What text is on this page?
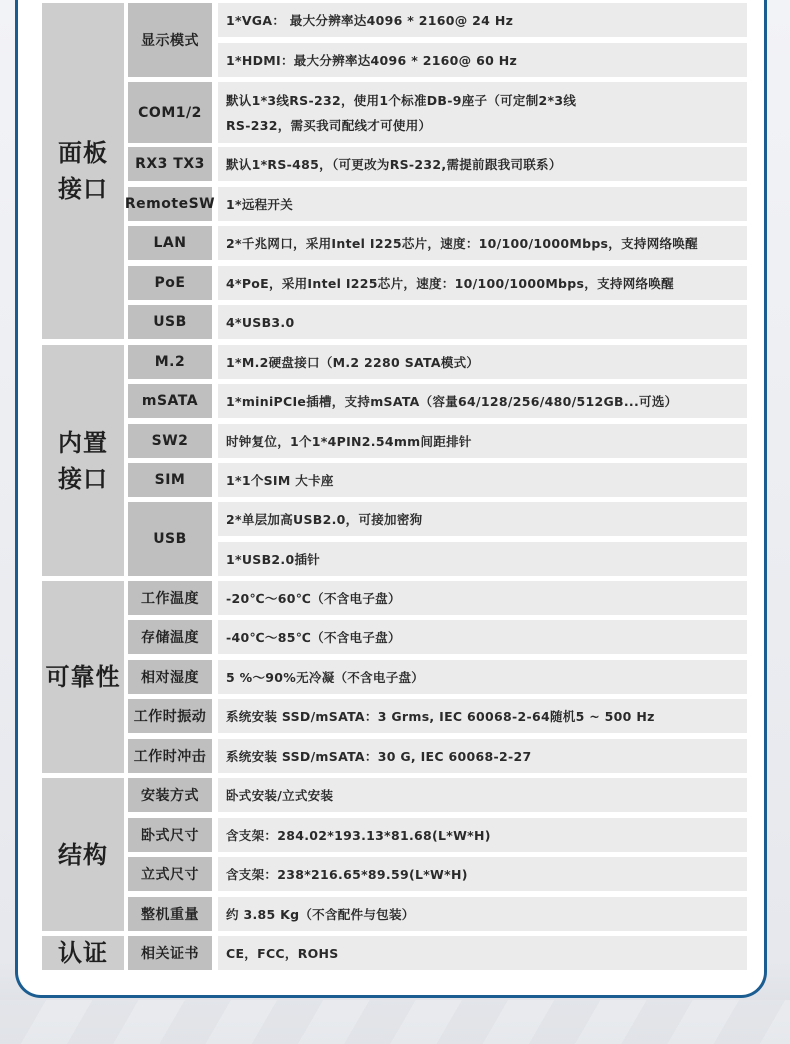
面板
接口
内置
接口
可靠性
结构
认证
显示模式
COM1/2
RX3 TX3
RemoteSW
LAN
PoE
USB
M.2
mSATA
SW2
SIM
USB
工作温度
存储温度
相对湿度
工作时振动
工作时冲击
安装方式
卧式尺寸
立式尺寸
整机重量
相关证书
1*VGA： 最大分辨率达4096 * 2160@ 24 Hz
1*HDMI：最大分辨率达4096 * 2160@ 60 Hz
默认1*3线RS-232，使用1个标准DB-9座子（可定制2*3线RS-232，需买我司配线才可使用）
默认1*RS-485，（可更改为RS-232,需提前跟我司联系）
1*远程开关
2*千兆网口，采用Intel I225芯片，速度：10/100/1000Mbps，支持网络唤醒
4*PoE，采用Intel I225芯片，速度：10/100/1000Mbps，支持网络唤醒
4*USB3.0
1*M.2硬盘接口（M.2 2280 SATA模式）
1*miniPCIe插槽，支持mSATA（容量64/128/256/480/512GB...可选）
时钟复位，1个1*4PIN2.54mm间距排针
1*1个SIM 大卡座
2*单层加高USB2.0，可接加密狗
1*USB2.0插针
-20℃～60℃（不含电子盘）
-40℃～85℃（不含电子盘）
5 %～90%无冷凝（不含电子盘）
系统安装 SSD/mSATA：3 Grms, IEC 60068-2-64随机5 ~ 500 Hz
系统安装 SSD/mSATA：30 G, IEC 60068-2-27
卧式安装/立式安装
含支架：284.02*193.13*81.68(L*W*H)
含支架：238*216.65*89.59(L*W*H)
约 3.85 Kg（不含配件与包装）
CE，FCC，ROHS
